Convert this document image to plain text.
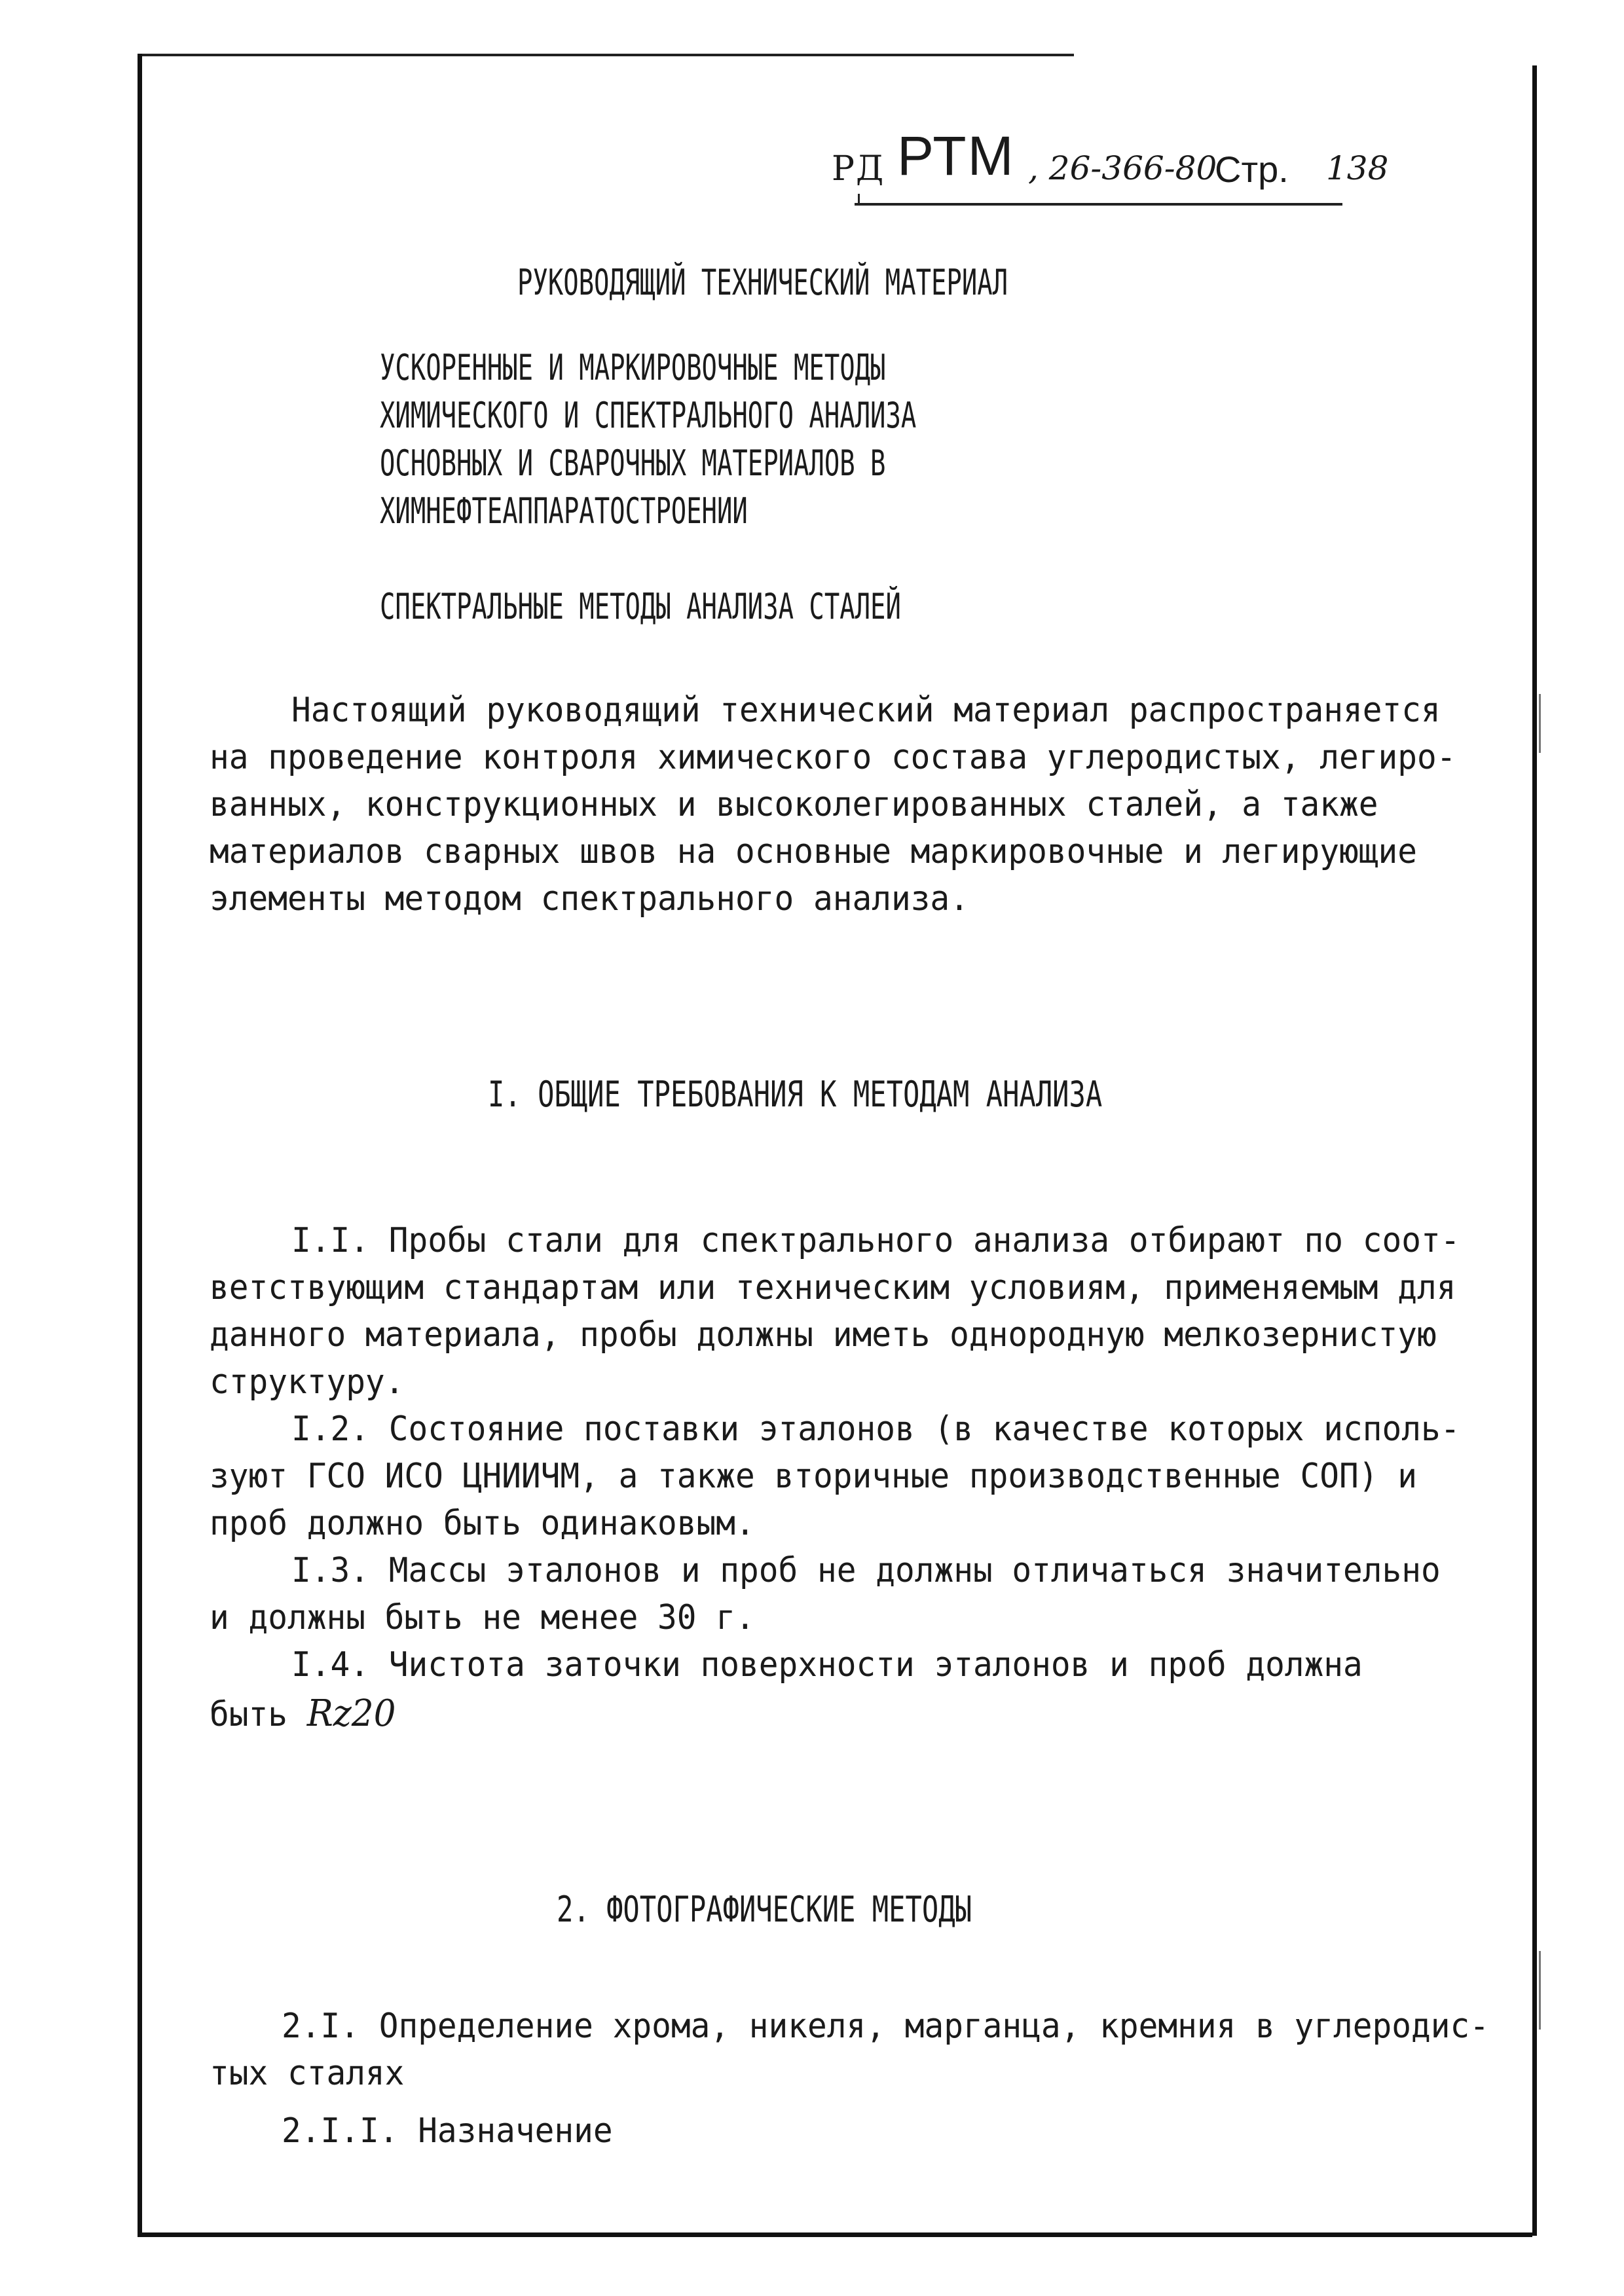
РД РТМ , 26-366-80
Стр. 138
РУКОВОДЯЩИЙ ТЕХНИЧЕСКИЙ МАТЕРИАЛ
УСКОРЕННЫЕ И МАРКИРОВОЧНЫЕ МЕТОДЫ
ХИМИЧЕСКОГО И СПЕКТРАЛЬНОГО АНАЛИЗА
ОСНОВНЫХ И СВАРОЧНЫХ МАТЕРИАЛОВ В
ХИМНЕФТЕАППАРАТОСТРОЕНИИ
СПЕКТРАЛЬНЫЕ МЕТОДЫ АНАЛИЗА СТАЛЕЙ
Настоящий руководящий технический материал распространяется
на проведение контроля химического состава углеродистых, легиро-
ванных, конструкционных и высоколегированных сталей, а также
материалов сварных швов на основные маркировочные и легирующие
элементы методом спектрального анализа.
I. ОБЩИЕ ТРЕБОВАНИЯ К МЕТОДАМ АНАЛИЗА
I.I. Пробы стали для спектрального анализа отбирают по соот-
ветствующим стандартам или техническим условиям, применяемым для
данного материала, пробы должны иметь однородную мелкозернистую
структуру.
I.2. Состояние поставки эталонов (в качестве которых исполь-
зуют ГСО ИСО ЦНИИЧМ, а также вторичные производственные СОП) и
проб должно быть одинаковым.
I.3. Массы эталонов и проб не должны отличаться значительно
и должны быть не менее 30 г.
I.4. Чистота заточки поверхности эталонов и проб должна
быть Rz20
2. ФОТОГРАФИЧЕСКИЕ МЕТОДЫ
2.I. Определение хрома, никеля, марганца, кремния в углеродис-
тых сталях
2.I.I. Назначение
